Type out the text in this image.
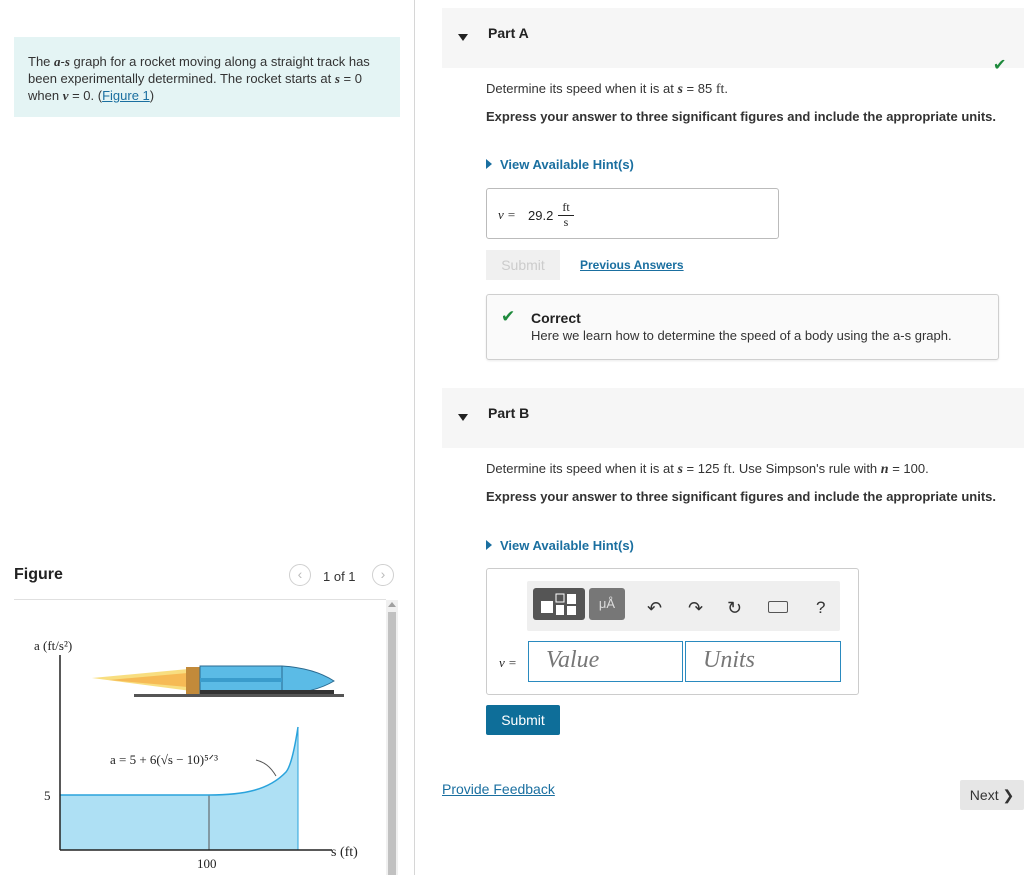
The a-s graph for a rocket moving along a straight track has been experimentally determined. The rocket starts at s = 0 when v = 0. (Figure 1)
Figure	‹	1 of 1	›
a (ft/s²)
s (ft)
a = 5 + 6(√s − 10)⁵ᐟ³
5
100
Part A
✔
Determine its speed when it is at s = 85 ft.
Express your answer to three significant figures and include the appropriate units.
View Available Hint(s)
$v = 29.2 \frac{ft}{s}$
Submit	Previous Answers
✔ Correct
Here we learn how to determine the speed of a body using the a-s graph.
Part B
Determine its speed when it is at s = 125 ft. Use Simpson's rule with n = 100.
Express your answer to three significant figures and include the appropriate units.
View Available Hint(s)
μÅ	↶ ↷ ↻	?
v =	Value	Units
Submit
Provide Feedback	Next ❯
